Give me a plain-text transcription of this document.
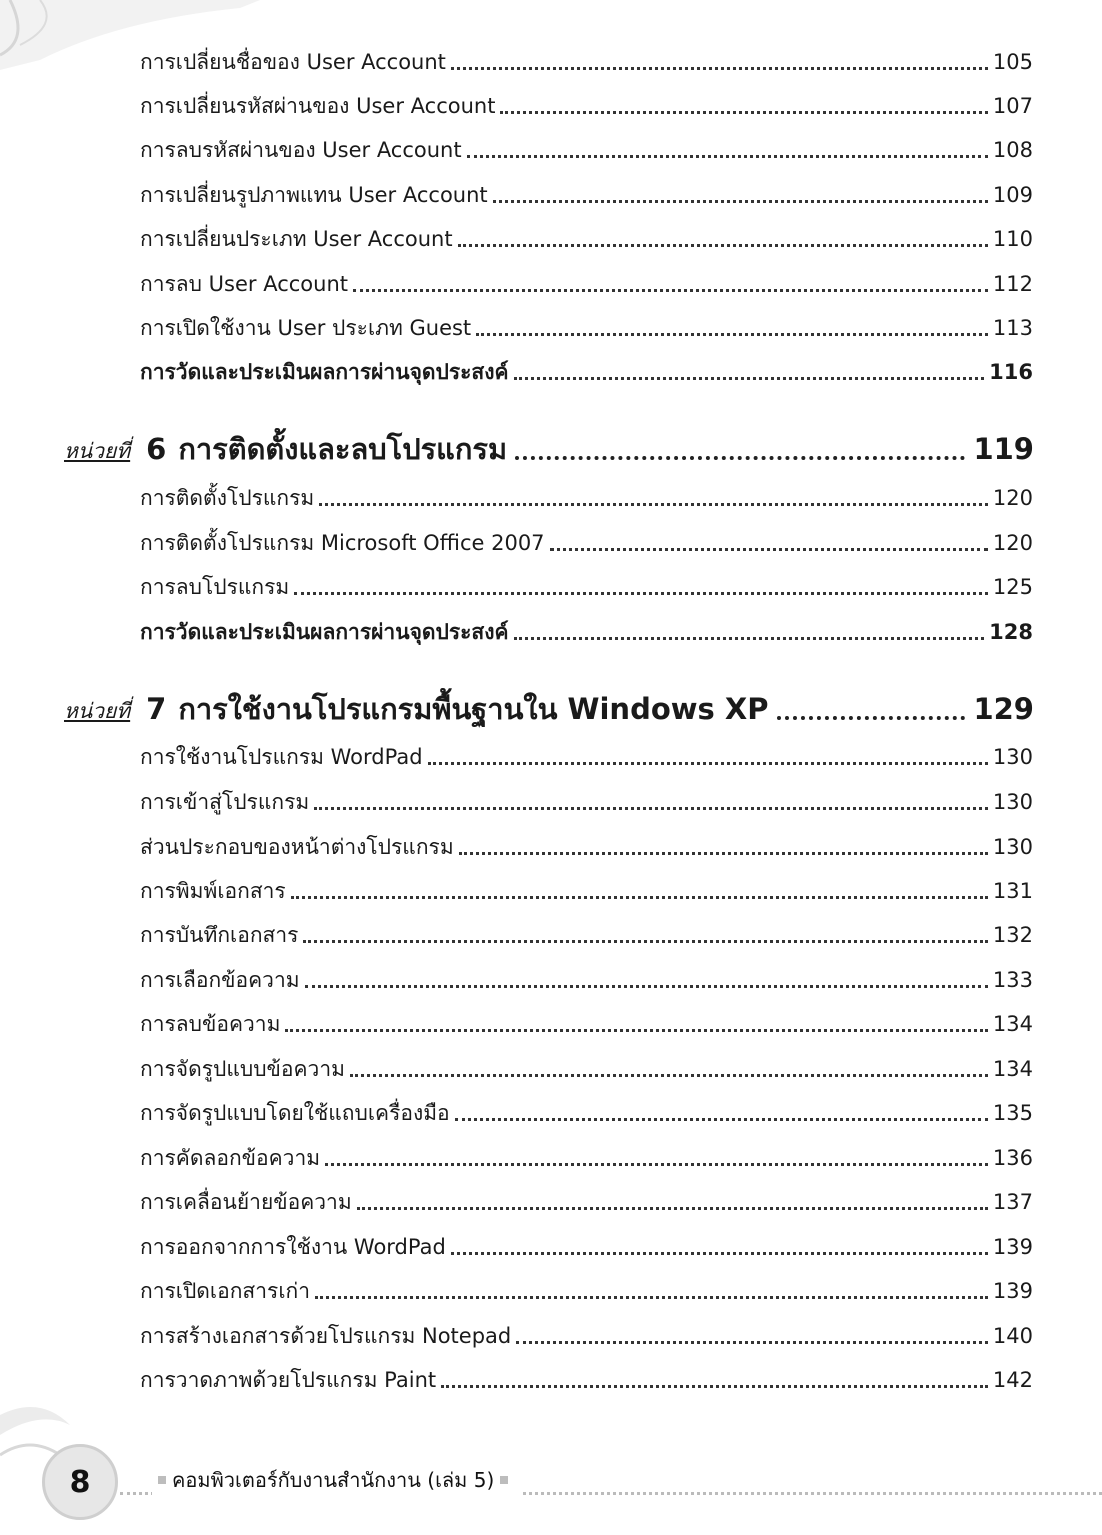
การเปลี่ยนชื่อของ User Account	105
การเปลี่ยนรหัสผ่านของ User Account	107
การลบรหัสผ่านของ User Account	108
การเปลี่ยนรูปภาพแทน User Account	109
การเปลี่ยนประเภท User Account	110
การลบ User Account	112
การเปิดใช้งาน User ประเภท Guest	113
การวัดและประเมินผลการผ่านจุดประสงค์	116
หน่วยที่ 6 การติดตั้งและลบโปรแกรม	119
การติดตั้งโปรแกรม	120
การติดตั้งโปรแกรม Microsoft Office 2007	120
การลบโปรแกรม	125
การวัดและประเมินผลการผ่านจุดประสงค์	128
หน่วยที่ 7 การใช้งานโปรแกรมพื้นฐานใน Windows XP	129
การใช้งานโปรแกรม WordPad	130
การเข้าสู่โปรแกรม	130
ส่วนประกอบของหน้าต่างโปรแกรม	130
การพิมพ์เอกสาร	131
การบันทึกเอกสาร	132
การเลือกข้อความ	133
การลบข้อความ	134
การจัดรูปแบบข้อความ	134
การจัดรูปแบบโดยใช้แถบเครื่องมือ	135
การคัดลอกข้อความ	136
การเคลื่อนย้ายข้อความ	137
การออกจากการใช้งาน WordPad	139
การเปิดเอกสารเก่า	139
การสร้างเอกสารด้วยโปรแกรม Notepad	140
การวาดภาพด้วยโปรแกรม Paint	142
8	คอมพิวเตอร์กับงานสำนักงาน (เล่ม 5)
